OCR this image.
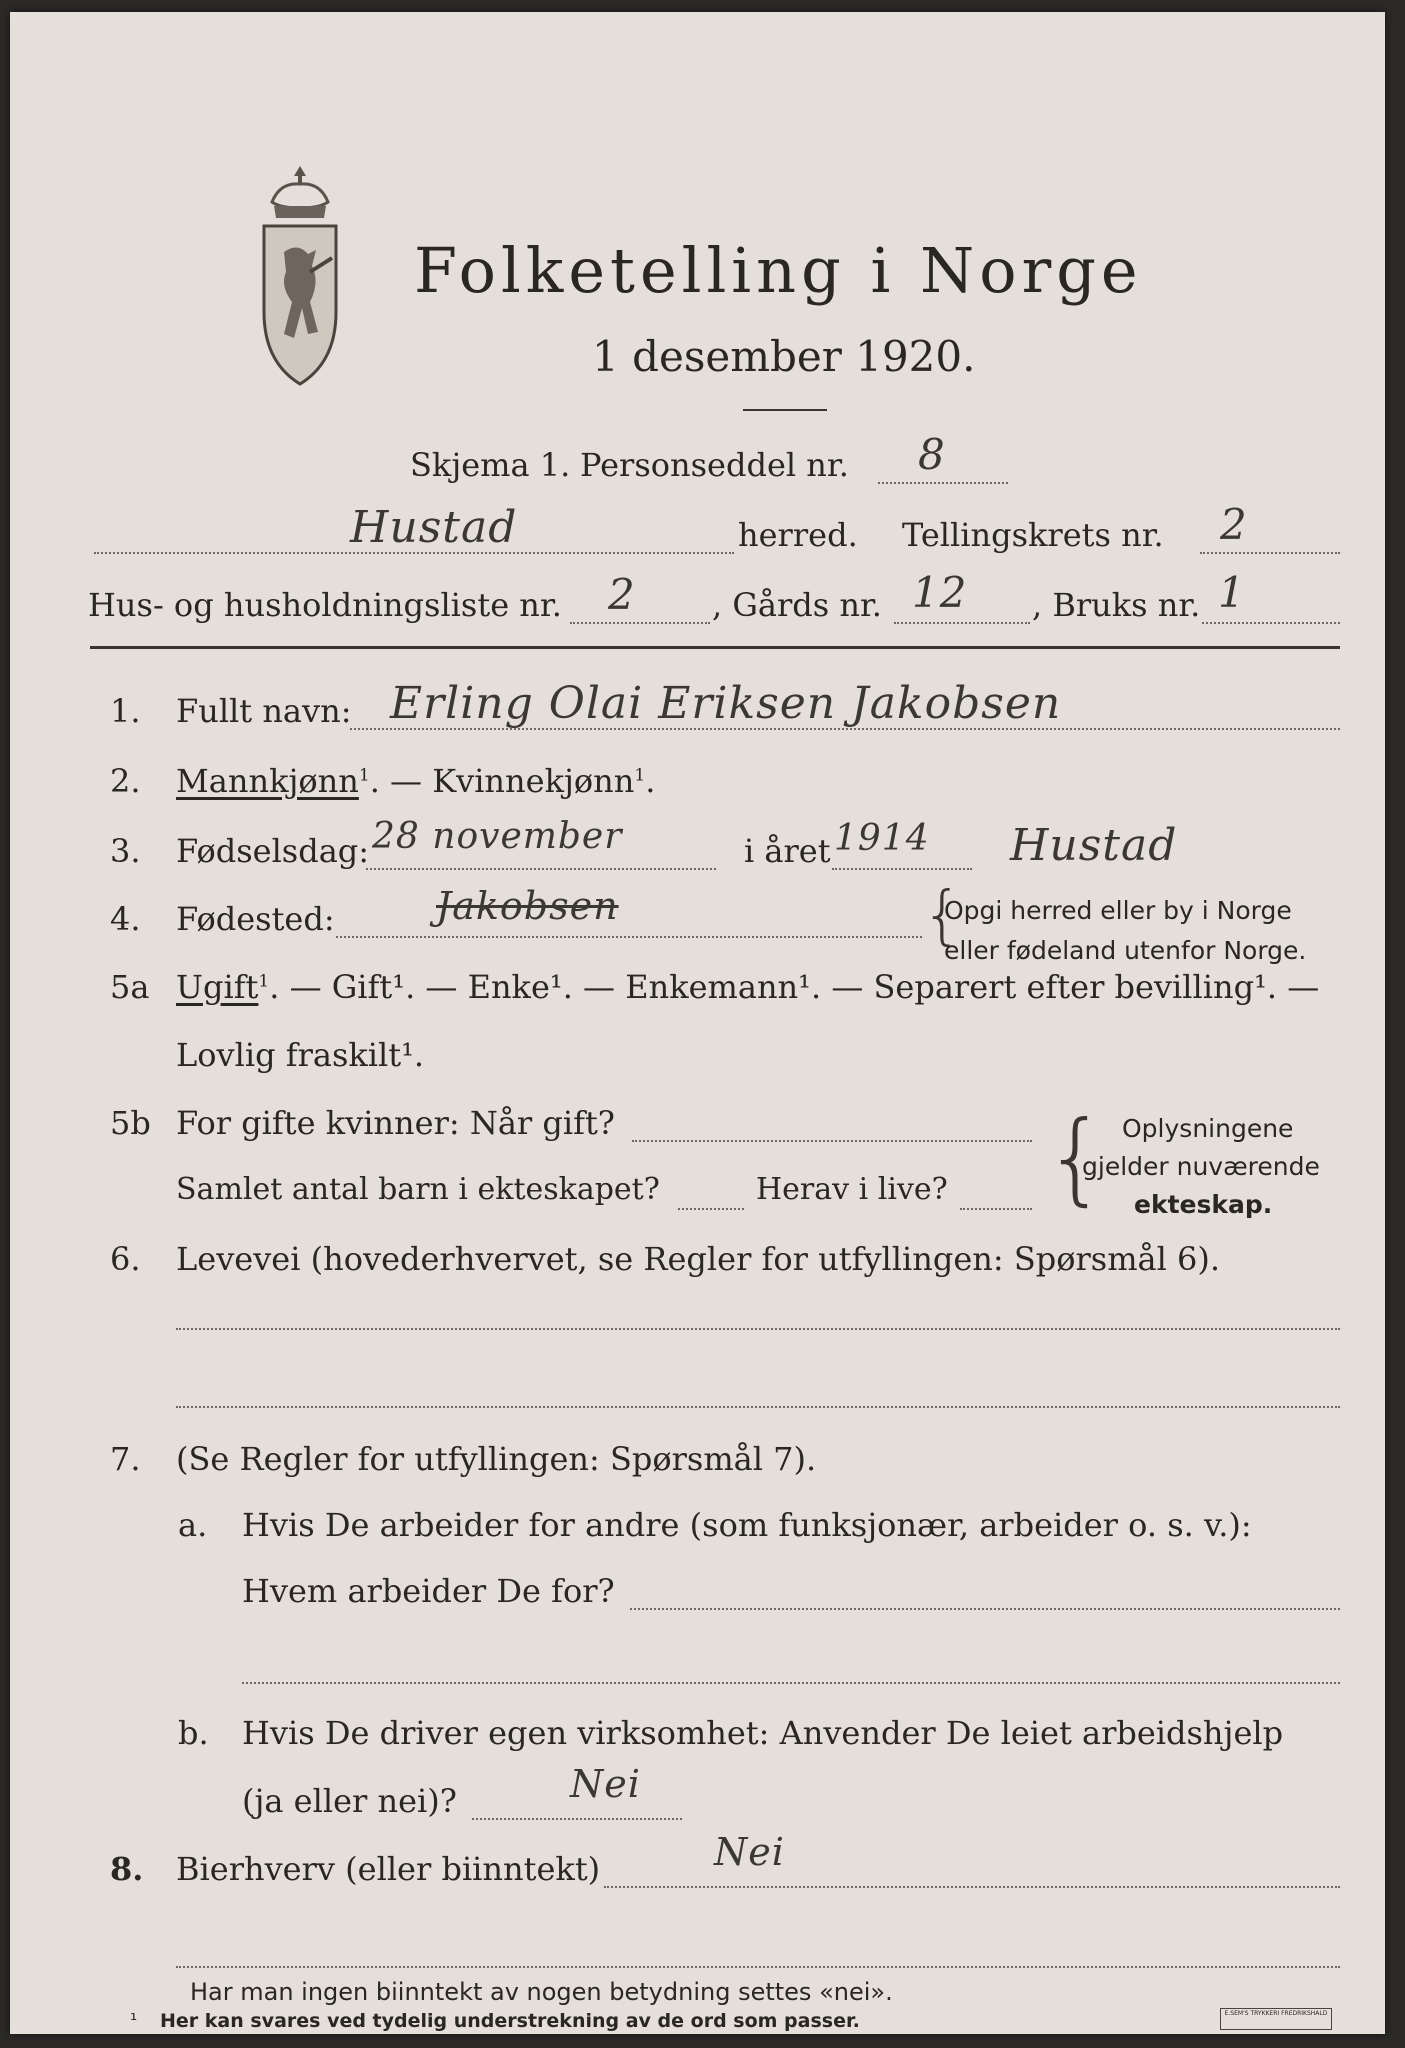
Folketelling i Norge
1 desember 1920.
Skjema 1. Personseddel nr. 8
Hustad	herred. Tellingskrets nr. 2
Hus- og husholdningsliste nr. 2 , Gårds nr. 12 , Bruks nr. 1
1. Fullt navn: Erling Olai Eriksen Jakobsen
2. Mannkjønn$^1$. — Kvinnekjønn$^1$.
3. Fødselsdag: 28 november	i året 1914 Hustad
4. Fødested:	Jakobsen	{
Opgi herred eller by i Norge
eller fødeland utenfor Norge.
5a Ugift$^1$. — Gift¹. — Enke¹. — Enkemann¹. — Separert efter bevilling¹. —
Lovlig fraskilt¹.
5b For gifte kvinner: Når gift?
Samlet antal barn i ekteskapet?	Herav i live? { Oplysningene
gjelder nuværende
ekteskap.
6. Levevei (hovederhvervet, se Regler for utfyllingen: Spørsmål 6).
7. (Se Regler for utfyllingen: Spørsmål 7).
a. Hvis De arbeider for andre (som funksjonær, arbeider o. s. v.):
Hvem arbeider De for?
b. Hvis De driver egen virksomhet: Anvender De leiet arbeidshjelp
(ja eller nei)?	Nei
8. Bierhverv (eller biinntekt)	Nei
Har man ingen biinntekt av nogen betydning settes «nei».
¹ Her kan svares ved tydelig understrekning av de ord som passer.	E.SEM'S TRYKKERI FREDRIKSHALD
